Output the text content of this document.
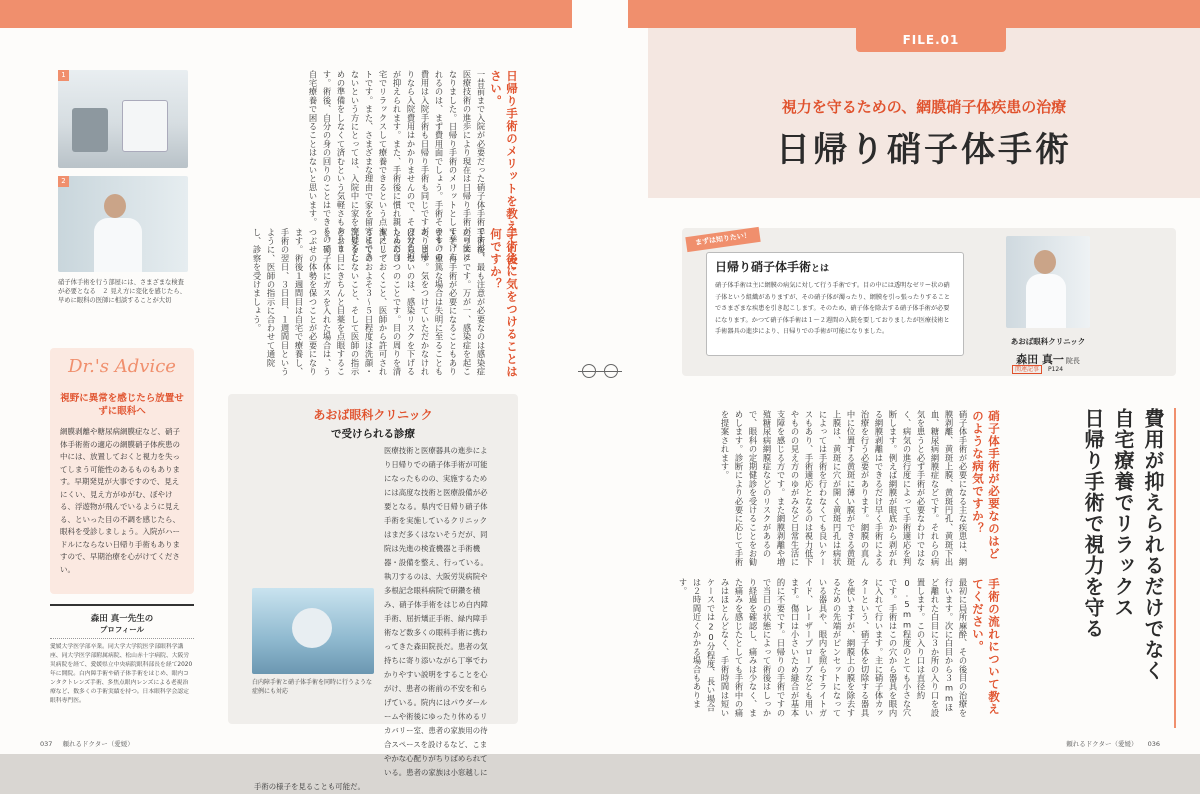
日帰り手術のメリットを教えてください。
一昔前まで入院が必要だった硝子体手術ですが、医療技術の進歩により現在は日帰り手術が可能になりました。日帰り手術のメリットとして挙げられるのは、まず費用面でしょう。手術そのものの費用は入院手術も日帰り手術も同じですが、日帰りなら入院費用はかかりませんので、その分負担が抑えられます。また、手術後に慣れ親しんだ自宅でリラックスして療養できるという点もメリットです。また、さまざまな理由で家を留守にできないという方にとっては、入院中に家を空けるための準備をしなくて済むという気軽さもあります。術後、自分の身の回りのことはできるので、自宅療養で困ることはないと思います。
手術後に気をつけることは何ですか？
手術後、最も注意が必要なのは感染症のリスクです。万が一、感染症を起こすと、再手術が必要になることもあります。重篤な場合は失明に至ることもあります。気をつけていただかなければならないのは、感染リスクを下げるための３つのことです。目の周りを清潔にしておくこと、医師から許可されるまでのおよそ３〜５日程度は洗顔・洗髪をしないこと、そして医師の指示どおり目にきちんと目薬を点眼すること。硝子体にガスを入れた場合は、うつぶせの体勢を保つことが必要になります。術後１週間目は自宅で療養し、手術の翌日、３日目、１週間目というように、医師の指示に合わせて通院し、診察を受けましょう。
1
2
硝子体手術を行う部屋には、さまざまな検査が必要となる　２ 見え方に変化を感じたら、早めに眼科の医師に相談することが大切
Dr.'s Advice
視野に異常を感じたら放置せずに眼科へ
網膜剥離や糖尿病網膜症など、硝子体手術術の適応の網膜硝子体疾患の中には、放置しておくと視力を失ってしまう可能性のあるものもあります。早期発見が大事ですので、見えにくい、見え方がゆがむ、ぼやける、浮遊物が飛んでいるように見える、といった目の不調を感じたら、眼科を受診しましょう。入院がハードルにならない日帰り手術もありますので、早期治療を心がけてください。
森田 真一先生の
プロフィール
愛媛大学医学部卒業。同大学大学院医学部眼科学講座、同大学医学部附属病院、松山赤十字病院、大阪労災病院を経て、愛媛県立中央病院眼科部長を経て2020年に開院。白内障手術や硝子体手術をはじめ、眼内コンタクトレンズ手術、多焦点眼内レンズによる老視治療など、数多くの手術実績を持つ。日本眼科学会認定眼科専門医。
あおば眼科クリニック
で受けられる診療
医療技術と医療器具の進歩により日帰りでの硝子体手術が可能になったものの、実施するためには高度な技術と医療設備が必要となる。県内で日帰り硝子体手術を実施しているクリニックはまだ多くはないそうだが、同院は先進の検査機器と手術機器・設備を整え、行っている。執刀するのは、大阪労災病院や多根記念眼科病院で研鑽を積み、硝子体手術をはじめ白内障手術、屈折矯正手術、緑内障手術など数多くの眼科手術に携わってきた森田院長だ。患者の気持ちに寄り添いながら丁寧でわかりやすい説明をすることを心がけ、患者の術前の不安を和らげている。院内にはパウダールームや術後にゆったり休めるリカバリー室、患者の家族用の待合スペースを設けるなど、こまやかな心配りがちりばめられている。患者の家族は小窓越しに手術の様子を見ることも可能だ。
白内障手術と硝子体手術を同時に行うような症例にも対応
037 頼れるドクター（愛媛）
FILE.01
視力を守るための、網膜硝子体疾患の治療
日帰り硝子体手術
まずは知りたい！
日帰り硝子体手術とは
硝子体手術は主に網膜の病気に対して行う手術です。目の中には透明なゼリー状の硝子体という組織がありますが、その硝子体が濁ったり、網膜を引っ張ったりすることでさまざまな疾患を引き起こします。そのため、硝子体を除去する硝子体手術が必要になります。かつて硝子体手術は１〜２週間の入院を要しておりましたが医療技術と手術器具の進歩により、日帰りでの手術が可能になりました。
あおば眼科クリニック
森田 真一 院長
関連記事 P124
費用が抑えられるだけでなく
自宅療養でリラックス
日帰り手術で視力を守る
硝子体手術が必要なのはどのような病気ですか？
硝子体手術が必要になる主な疾患は、網膜剥離、黄斑上膜、黄斑円孔、黄斑下出血、糖尿病網膜症などです。それらの病気を患うと必ず手術が必要なわけではなく、病気の進行度によって手術適応を判断します。例えば網膜が眼底から剥がれる網膜剥離はできるだけ早く手術による治療を行う必要があります。網膜の真ん中に位置する黄斑に薄い膜ができる黄斑上膜は、黄斑に穴が開く黄斑円孔は病状によっては手術を行わなくても良いケースもあり、手術適応となるのは視力低下やものの見え方のゆがみなど日常生活に支障を感じる方です。また網膜剥離や増殖糖尿病網膜症などのリスクがあるので、眼科の定期健診を受けることをお勧めします。診断により必要に応じて手術を提案されます。
手術の流れについて教えてください。
最初に局所麻酔、その後目の治療を行います。次に白目から３mmほど離れた白目に３か所の入り口を設置します。この入り口は直径約0.5mm程度のとても小さな穴です。手術はこの穴から器具を眼内に入れて行います。主に硝子体カッターという、硝子体を切除する器具を使いますが、網膜上の膜を除去するための先端がピンセットになっている器具や、眼内を照らすライトガイド、レーザープローブなども用います。傷口は小さいため縫合が基本的に不要です。日帰りの手術ですので当日の状態によって術後はしっかり経過を確認し、痛みは少なく、また痛みを感じたとしても手術中の痛みはほとんどなく、手術時間は短いケースでは20分程度、長い場合は２時間近くかかる場合もあります。
頼れるドクター（愛媛） 036
